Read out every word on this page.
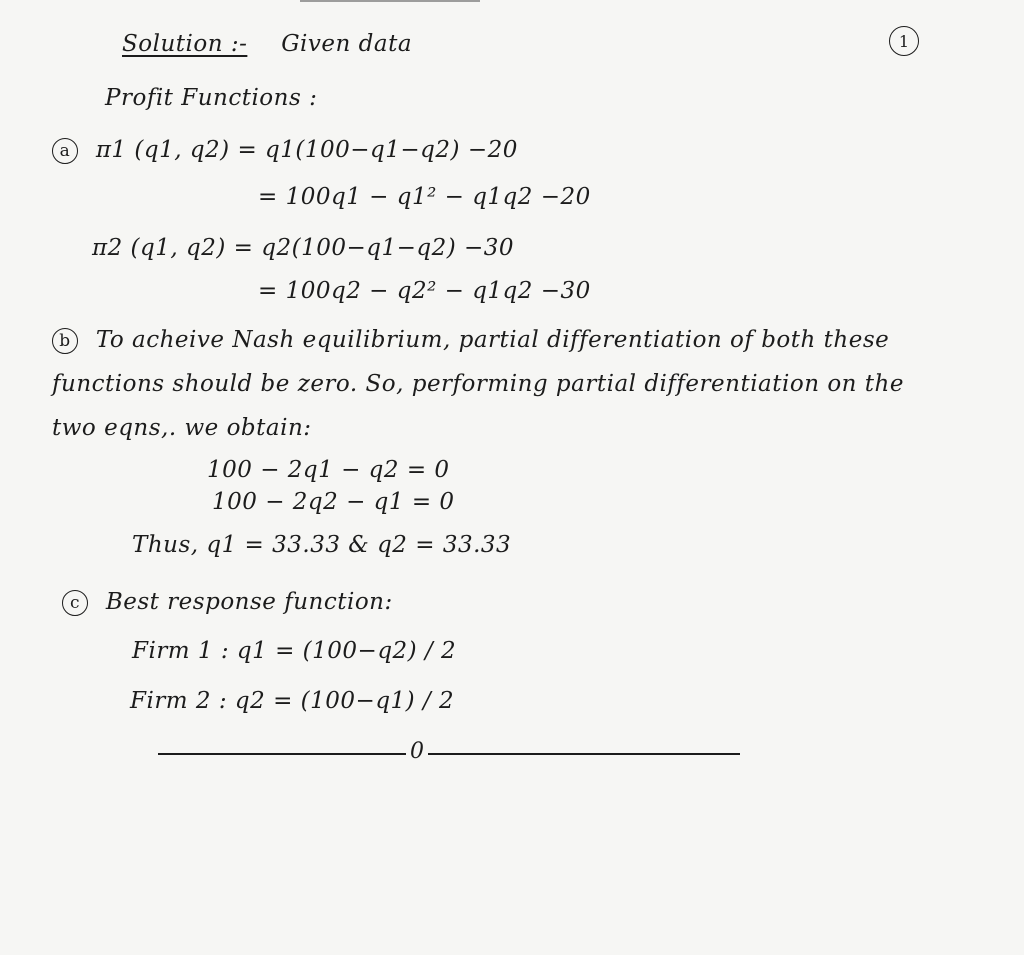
1
Solution :- Given data
Profit Functions :
a π1 (q1, q2) = q1(100−q1−q2) −20
= 100q1 − q1² − q1q2 −20
π2 (q1, q2) = q2(100−q1−q2) −30
= 100q2 − q2² − q1q2 −30
b To acheive Nash equilibrium, partial differentiation of both these
functions should be zero. So, performing partial differentiation on the
two eqns,. we obtain:
100 − 2q1 − q2 = 0
100 − 2q2 − q1 = 0
Thus, q1 = 33.33 & q2 = 33.33
c Best response function:
Firm 1 : q1 = (100−q2) / 2
Firm 2 : q2 = (100−q1) / 2
0
